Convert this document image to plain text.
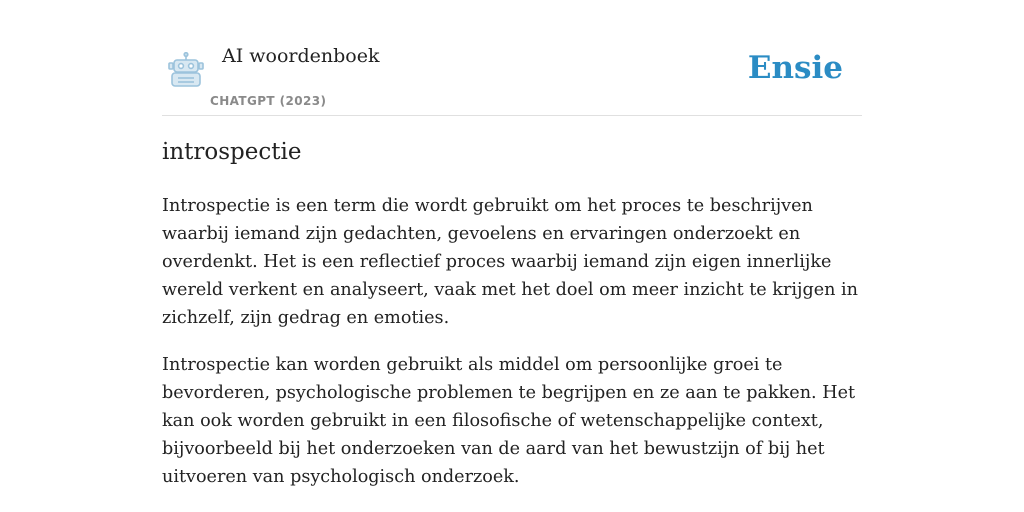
AI woordenboek
CHATGPT (2023)
Ensie
introspectie

Introspectie is een term die wordt gebruikt om het proces te beschrijven waarbij iemand zijn gedachten, gevoelens en ervaringen onderzoekt en overdenkt. Het is een reflectief proces waarbij iemand zijn eigen innerlijke wereld verkent en analyseert, vaak met het doel om meer inzicht te krijgen in zichzelf, zijn gedrag en emoties.

Introspectie kan worden gebruikt als middel om persoonlijke groei te bevorderen, psychologische problemen te begrijpen en ze aan te pakken. Het kan ook worden gebruikt in een filosofische of wetenschappelijke context, bijvoorbeeld bij het onderzoeken van de aard van het bewustzijn of bij het uitvoeren van psychologisch onderzoek.
